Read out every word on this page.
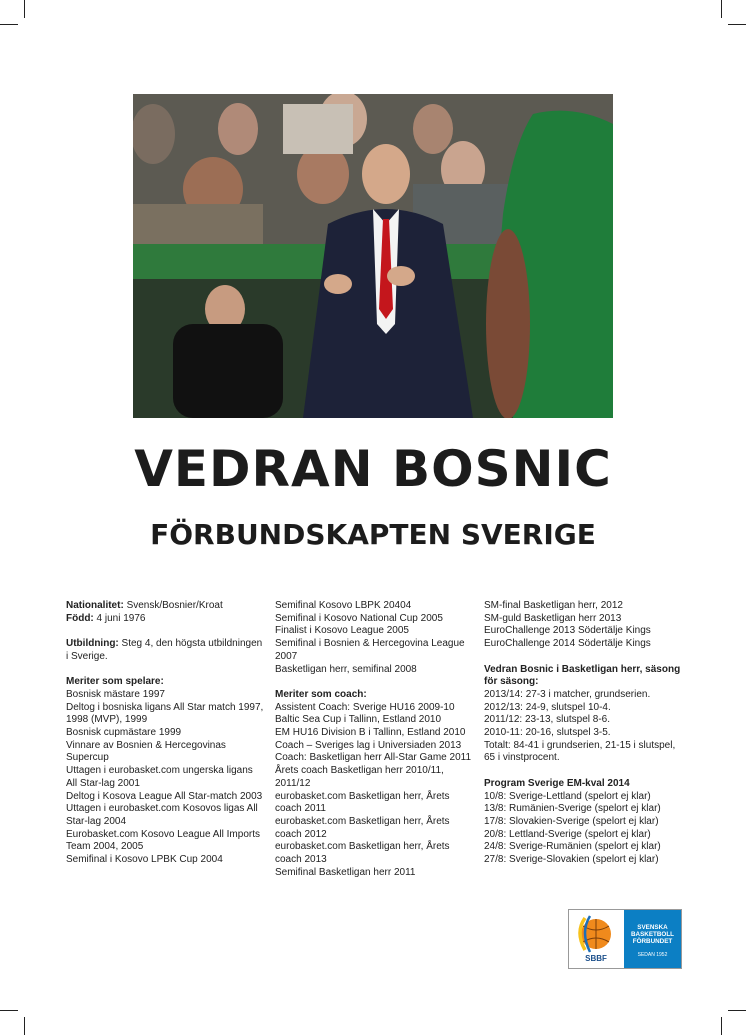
VEDRAN BOSNIC
FÖRBUNDSKAPTEN SVERIGE

Nationalitet: Svensk/Bosnier/Kroat

Född: 4 juni 1976

Utbildning: Steg 4, den högsta utbildningen i Sverige.

Meriter som spelare:

Bosnisk mästare 1997

Deltog i bosniska ligans All Star match 1997, 1998 (MVP), 1999

Bosnisk cupmästare 1999

Vinnare av Bosnien & Hercegovinas Supercup

Uttagen i eurobasket.com ungerska ligans All Star-lag 2001

Deltog i Kosova League All Star-match 2003

Uttagen i eurobasket.com Kosovos ligas All Star-lag 2004

Eurobasket.com Kosovo League All Imports Team 2004, 2005

Semifinal i Kosovo LPBK Cup 2004

Semifinal Kosovo LBPK 20404

Semifinal i Kosovo National Cup 2005

Finalist i Kosovo League 2005

Semifinal i Bosnien & Hercegovina League 2007

Basketligan herr, semifinal 2008

Meriter som coach:

Assistent Coach: Sverige HU16 2009-10

Baltic Sea Cup i Tallinn, Estland 2010

EM HU16 Division B i Tallinn, Estland 2010

Coach – Sveriges lag i Universiaden 2013

Coach: Basketligan herr All-Star Game 2011

Årets coach Basketligan herr 2010/11, 2011/12

eurobasket.com Basketligan herr, Årets coach 2011

eurobasket.com Basketligan herr, Årets coach 2012

eurobasket.com Basketligan herr, Årets coach 2013

Semifinal Basketligan herr 2011

SM-final Basketligan herr, 2012

SM-guld Basketligan herr 2013

EuroChallenge 2013 Södertälje Kings

EuroChallenge 2014 Södertälje Kings

Vedran Bosnic i Basketligan herr, säsong för säsong:

2013/14: 27-3 i matcher, grundserien.

2012/13: 24-9, slutspel 10-4.

2011/12: 23-13, slutspel 8-6.

2010-11: 20-16, slutspel 3-5.

Totalt: 84-41 i grundserien, 21-15 i slutspel, 65 i vinstprocent.

Program Sverige EM-kval 2014

10/8: Sverige-Lettland (spelort ej klar)

13/8: Rumänien-Sverige (spelort ej klar)

17/8: Slovakien-Sverige (spelort ej klar)

20/8: Lettland-Sverige (spelort ej klar)

24/8: Sverige-Rumänien (spelort ej klar)

27/8: Sverige-Slovakien (spelort ej klar)

SBBF
SVENSKA
BASKETBOLL
FÖRBUNDET
SEDAN 1952
